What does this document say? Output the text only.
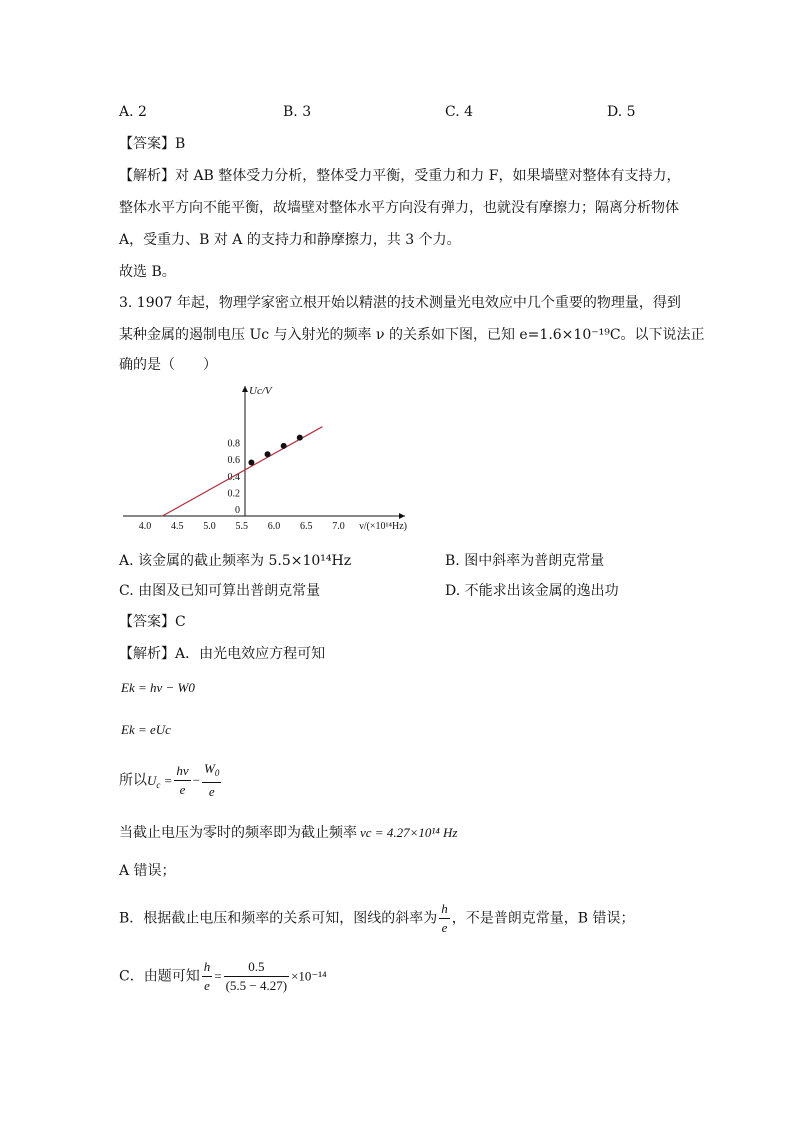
A. 2	B. 3	C. 4	D. 5
【答案】B
【解析】对 AB 整体受力分析，整体受力平衡，受重力和力 F，如果墙壁对整体有支持力，
整体水平方向不能平衡，故墙壁对整体水平方向没有弹力，也就没有摩擦力；隔离分析物体
A，受重力、B 对 A 的支持力和静摩擦力，共 3 个力。
故选 B。
3. 1907 年起，物理学家密立根开始以精湛的技术测量光电效应中几个重要的物理量，得到
某种金属的遏制电压 Uc 与入射光的频率 ν 的关系如下图，已知 e=1.6×10⁻¹⁹C。以下说法正
确的是（　　）
4.0 4.5 5.0 5.5 6.0 6.5 7.0
0
0.2
0.4
0.6
0.8
Uc/V
ν/(×10¹⁴Hz)
A. 该金属的截止频率为 5.5×10¹⁴Hz	B. 图中斜率为普朗克常量
C. 由图及已知可算出普朗克常量	D. 不能求出该金属的逸出功
【答案】C
【解析】A．由光电效应方程可知
Ek = hν − W0
Ek = eUc
所以$U_c = \frac{h\nu}{e} - \frac{W_0}{e}$
当截止电压为零时的频率即为截止频率 νc = 4.27×10¹⁴ Hz
A 错误；
B．根据截止电压和频率的关系可知，图线的斜率为 $\frac{h}{e}$ ，不是普朗克常量，B 错误；
C．由题可知 $\frac{h}{e} = \frac{0.5}{(5.5 - 4.27)} \times 10^{-14}$
